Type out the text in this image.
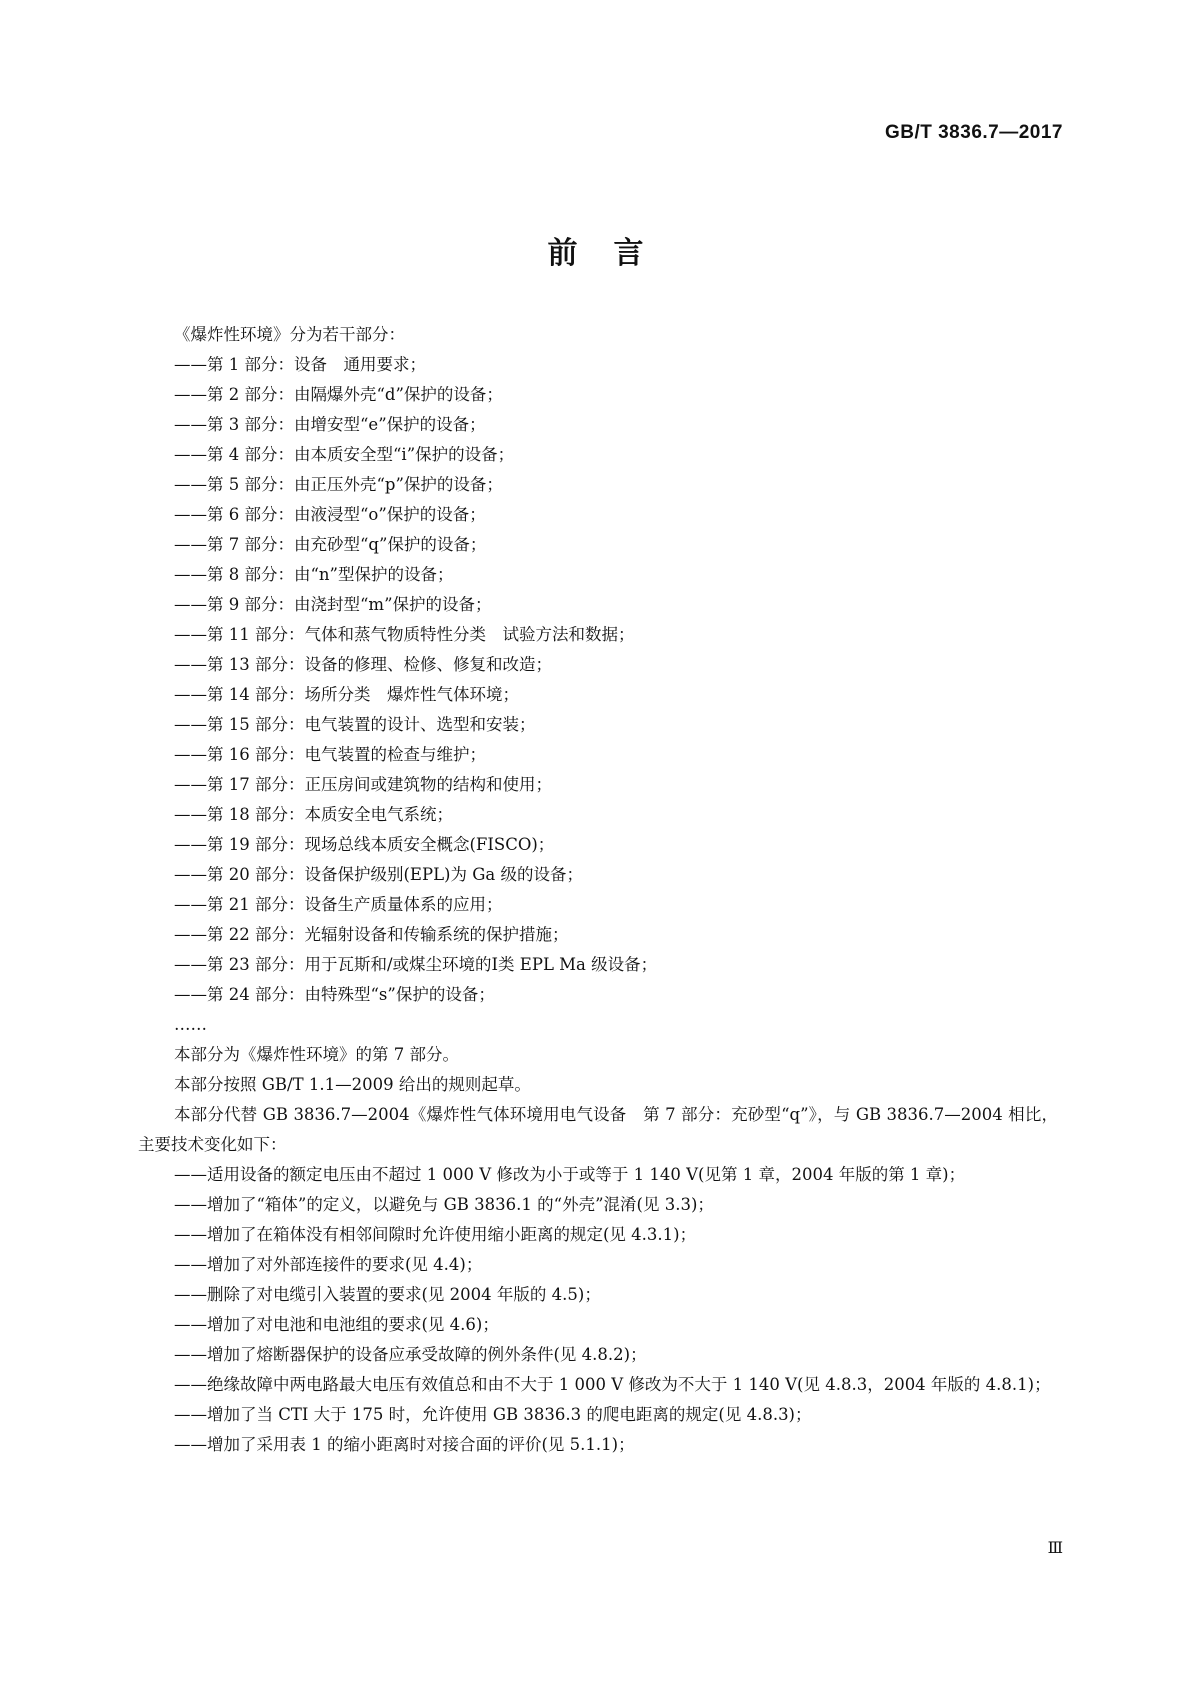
GB/T 3836.7—2017
前言
《爆炸性环境》分为若干部分：
——第 1 部分：设备　通用要求；
——第 2 部分：由隔爆外壳“d”保护的设备；
——第 3 部分：由增安型“e”保护的设备；
——第 4 部分：由本质安全型“i”保护的设备；
——第 5 部分：由正压外壳“p”保护的设备；
——第 6 部分：由液浸型“o”保护的设备；
——第 7 部分：由充砂型“q”保护的设备；
——第 8 部分：由“n”型保护的设备；
——第 9 部分：由浇封型“m”保护的设备；
——第 11 部分：气体和蒸气物质特性分类　试验方法和数据；
——第 13 部分：设备的修理、检修、修复和改造；
——第 14 部分：场所分类　爆炸性气体环境；
——第 15 部分：电气装置的设计、选型和安装；
——第 16 部分：电气装置的检查与维护；
——第 17 部分：正压房间或建筑物的结构和使用；
——第 18 部分：本质安全电气系统；
——第 19 部分：现场总线本质安全概念(FISCO)；
——第 20 部分：设备保护级别(EPL)为 Ga 级的设备；
——第 21 部分：设备生产质量体系的应用；
——第 22 部分：光辐射设备和传输系统的保护措施；
——第 23 部分：用于瓦斯和/或煤尘环境的Ⅰ类 EPL Ma 级设备；
——第 24 部分：由特殊型“s”保护的设备；
……
本部分为《爆炸性环境》的第 7 部分。
本部分按照 GB/T 1.1—2009 给出的规则起草。
本部分代替 GB 3836.7—2004《爆炸性气体环境用电气设备　第 7 部分：充砂型“q”》，与 GB 3836.7—2004 相比，主要技术变化如下：
——适用设备的额定电压由不超过 1 000 V 修改为小于或等于 1 140 V(见第 1 章，2004 年版的第 1 章)；
——增加了“箱体”的定义，以避免与 GB 3836.1 的“外壳”混淆(见 3.3)；
——增加了在箱体没有相邻间隙时允许使用缩小距离的规定(见 4.3.1)；
——增加了对外部连接件的要求(见 4.4)；
——删除了对电缆引入装置的要求(见 2004 年版的 4.5)；
——增加了对电池和电池组的要求(见 4.6)；
——增加了熔断器保护的设备应承受故障的例外条件(见 4.8.2)；
——绝缘故障中两电路最大电压有效值总和由不大于 1 000 V 修改为不大于 1 140 V(见 4.8.3，2004 年版的 4.8.1)；
——增加了当 CTI 大于 175 时，允许使用 GB 3836.3 的爬电距离的规定(见 4.8.3)；
——增加了采用表 1 的缩小距离时对接合面的评价(见 5.1.1)；
Ⅲ
